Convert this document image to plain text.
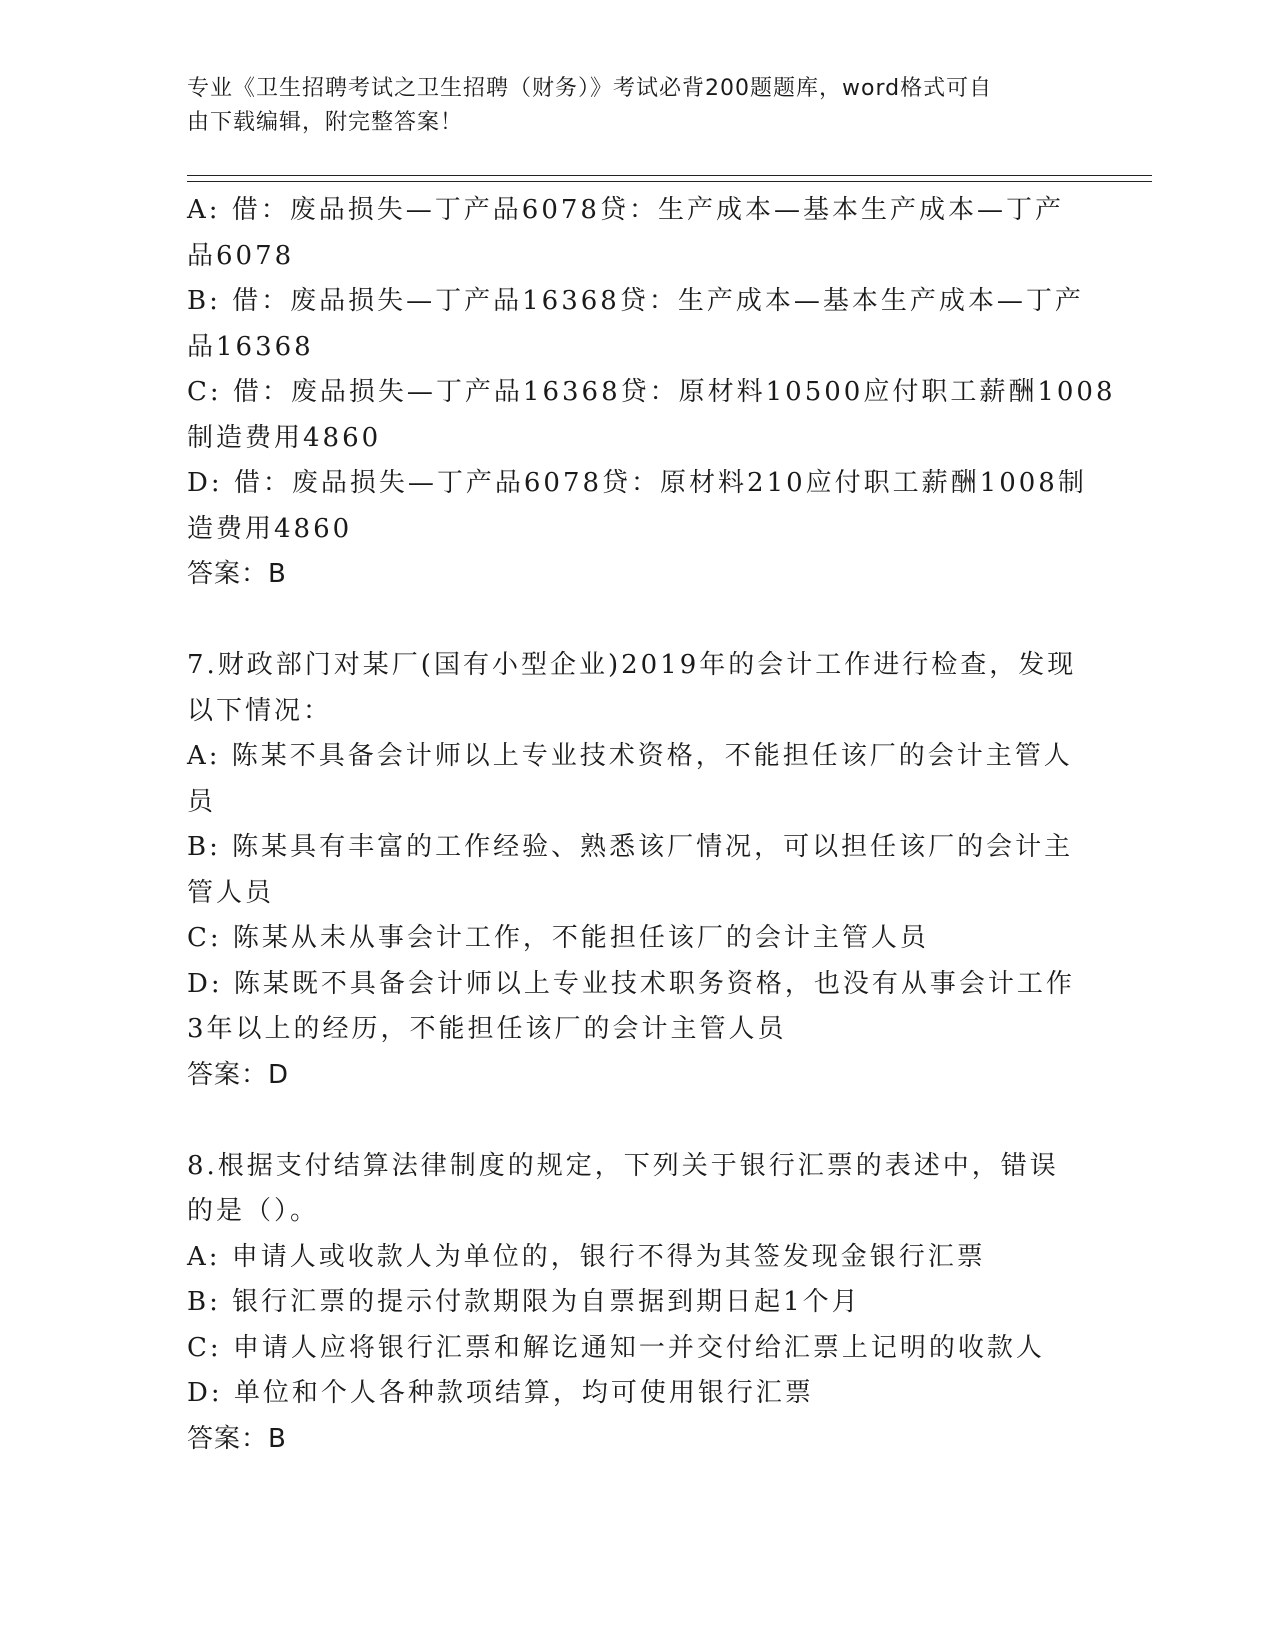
专业《卫生招聘考试之卫生招聘（财务）》考试必背200题题库，word格式可自
由下载编辑，附完整答案！
A: 借：废品损失—丁产品6078贷：生产成本—基本生产成本—丁产
品6078
B: 借：废品损失—丁产品16368贷：生产成本—基本生产成本—丁产
品16368
C: 借：废品损失—丁产品16368贷：原材料10500应付职工薪酬1008
制造费用4860
D: 借：废品损失—丁产品6078贷：原材料210应付职工薪酬1008制
造费用4860
答案：B
7.财政部门对某厂(国有小型企业)2019年的会计工作进行检查，发现
以下情况：
A: 陈某不具备会计师以上专业技术资格，不能担任该厂的会计主管人
员
B: 陈某具有丰富的工作经验、熟悉该厂情况，可以担任该厂的会计主
管人员
C: 陈某从未从事会计工作，不能担任该厂的会计主管人员
D: 陈某既不具备会计师以上专业技术职务资格，也没有从事会计工作
3年以上的经历，不能担任该厂的会计主管人员
答案：D
8.根据支付结算法律制度的规定，下列关于银行汇票的表述中，错误
的是（）。
A: 申请人或收款人为单位的，银行不得为其签发现金银行汇票
B: 银行汇票的提示付款期限为自票据到期日起1个月
C: 申请人应将银行汇票和解讫通知一并交付给汇票上记明的收款人
D: 单位和个人各种款项结算，均可使用银行汇票
答案：B
